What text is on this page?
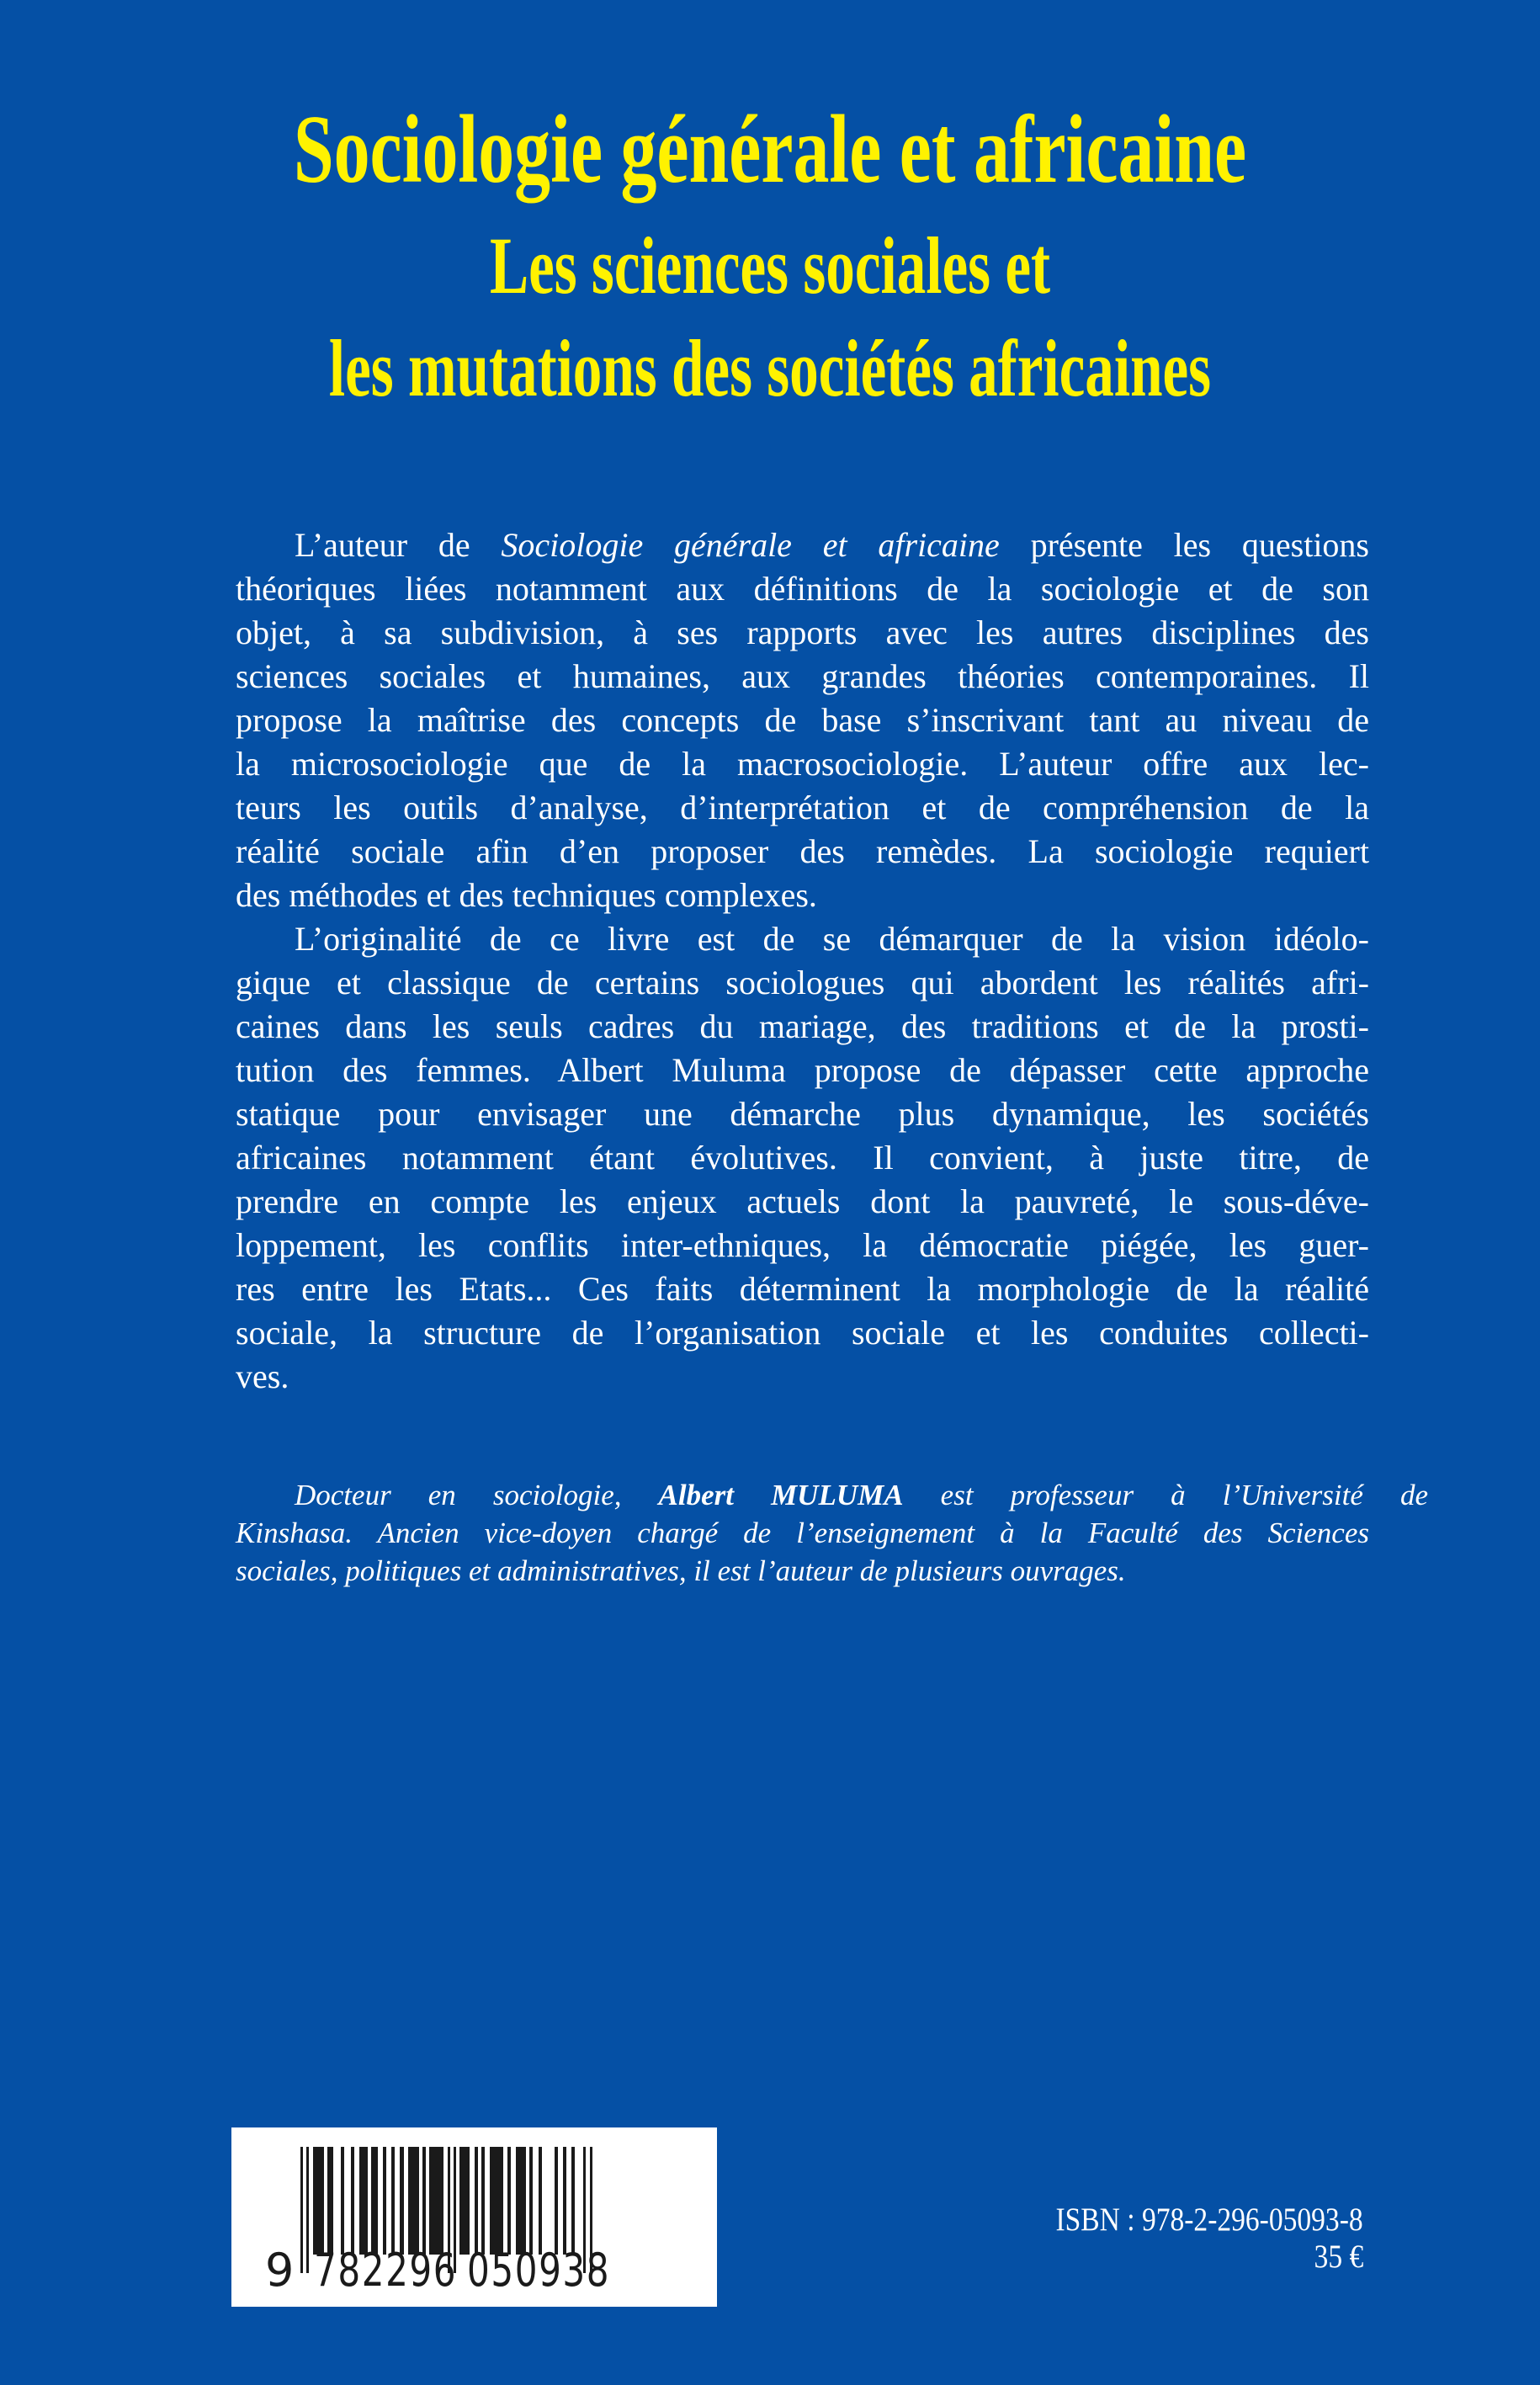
Sociologie générale et africaine
Les sciences sociales et
les mutations des sociétés africaines
L’auteur de Sociologie générale et africaine présente les questions
théoriques liées notamment aux définitions de la sociologie et de son
objet, à sa subdivision, à ses rapports avec les autres disciplines des
sciences sociales et humaines, aux grandes théories contemporaines. Il
propose la maîtrise des concepts de base s’inscrivant tant au niveau de
la microsociologie que de la macrosociologie. L’auteur offre aux lec-
teurs les outils d’analyse, d’interprétation et de compréhension de la
réalité sociale afin d’en proposer des remèdes. La sociologie requiert
des méthodes et des techniques complexes.
L’originalité de ce livre est de se démarquer de la vision idéolo-
gique et classique de certains sociologues qui abordent les réalités afri-
caines dans les seuls cadres du mariage, des traditions et de la prosti-
tution des femmes. Albert Muluma propose de dépasser cette approche
statique pour envisager une démarche plus dynamique, les sociétés
africaines notamment étant évolutives. Il convient, à juste titre, de
prendre en compte les enjeux actuels dont la pauvreté, le sous-déve-
loppement, les conflits inter-ethniques, la démocratie piégée, les guer-
res entre les Etats... Ces faits déterminent la morphologie de la réalité
sociale, la structure de l’organisation sociale et les conduites collecti-
ves.
Docteur en sociologie, Albert MULUMA est professeur à l’Université de
Kinshasa. Ancien vice-doyen chargé de l’enseignement à la Faculté des Sciences
sociales, politiques et administratives, il est l’auteur de plusieurs ouvrages.
9 782296 050938
ISBN : 978-2-296-05093-8
35 €
